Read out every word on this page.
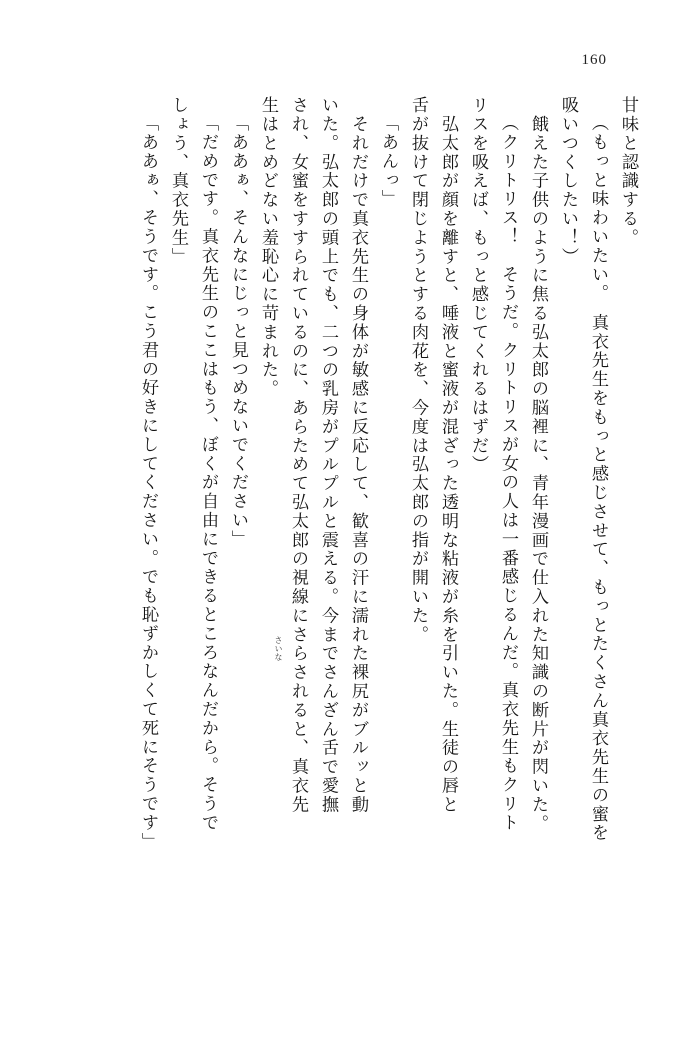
160
甘味と認識する。
（もっと味わいたい。　真衣先生をもっと感じさせて、もっとたくさん真衣先生の蜜を
吸いつくしたい！）
　餓えた子供のように焦る弘太郎の脳裡に、青年漫画で仕入れた知識の断片が閃いた。
（クリトリス！　そうだ。クリトリスが女の人は一番感じるんだ。真衣先生もクリト
リスを吸えば、もっと感じてくれるはずだ）
　弘太郎が顔を離すと、唾液と蜜液が混ざった透明な粘液が糸を引いた。生徒の唇と
舌が抜けて閉じようとする肉花を、今度は弘太郎の指が開いた。
「あんっ」
　それだけで真衣先生の身体が敏感に反応して、歓喜の汗に濡れた裸尻がブルッと動
いた。弘太郎の頭上でも、二つの乳房がプルプルと震える。今までさんざん舌で愛撫
され、女蜜をすすられているのに、あらためて弘太郎の視線にさらされると、真衣先
さいな
生はとめどない羞恥心に苛まれた。
「ああぁ、そんなにじっと見つめないでください」
「だめです。真衣先生のここはもう、ぼくが自由にできるところなんだから。そうで
しょう、真衣先生」
「ああぁ、そうです。こう君の好きにしてください。でも恥ずかしくて死にそうです」
